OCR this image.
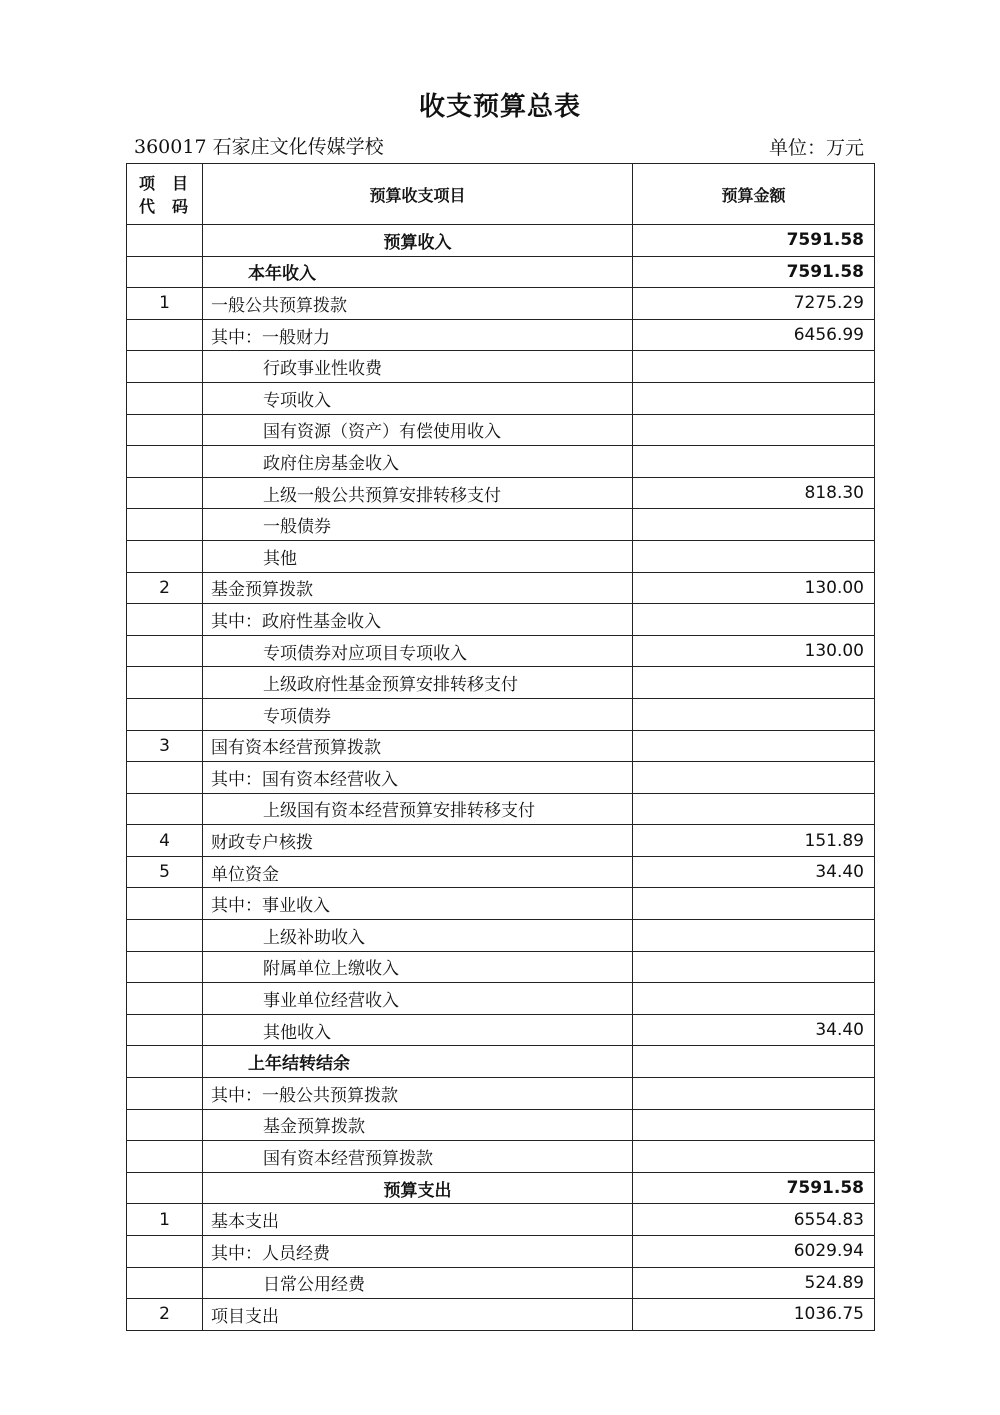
收支预算总表
360017 石家庄文化传媒学校	单位：万元
项 目
代 码	预算收支项目	预算金额
	预算收入	7591.58
	本年收入	7591.58
1	一般公共预算拨款	7275.29
	其中：一般财力	6456.99
	行政事业性收费	
	专项收入	
	国有资源（资产）有偿使用收入	
	政府住房基金收入	
	上级一般公共预算安排转移支付	818.30
	一般债券	
	其他	
2	基金预算拨款	130.00
	其中：政府性基金收入	
	专项债券对应项目专项收入	130.00
	上级政府性基金预算安排转移支付	
	专项债券	
3	国有资本经营预算拨款	
	其中：国有资本经营收入	
	上级国有资本经营预算安排转移支付	
4	财政专户核拨	151.89
5	单位资金	34.40
	其中：事业收入	
	上级补助收入	
	附属单位上缴收入	
	事业单位经营收入	
	其他收入	34.40
	上年结转结余	
	其中：一般公共预算拨款	
	基金预算拨款	
	国有资本经营预算拨款	
	预算支出	7591.58
1	基本支出	6554.83
	其中：人员经费	6029.94
	日常公用经费	524.89
2	项目支出	1036.75
